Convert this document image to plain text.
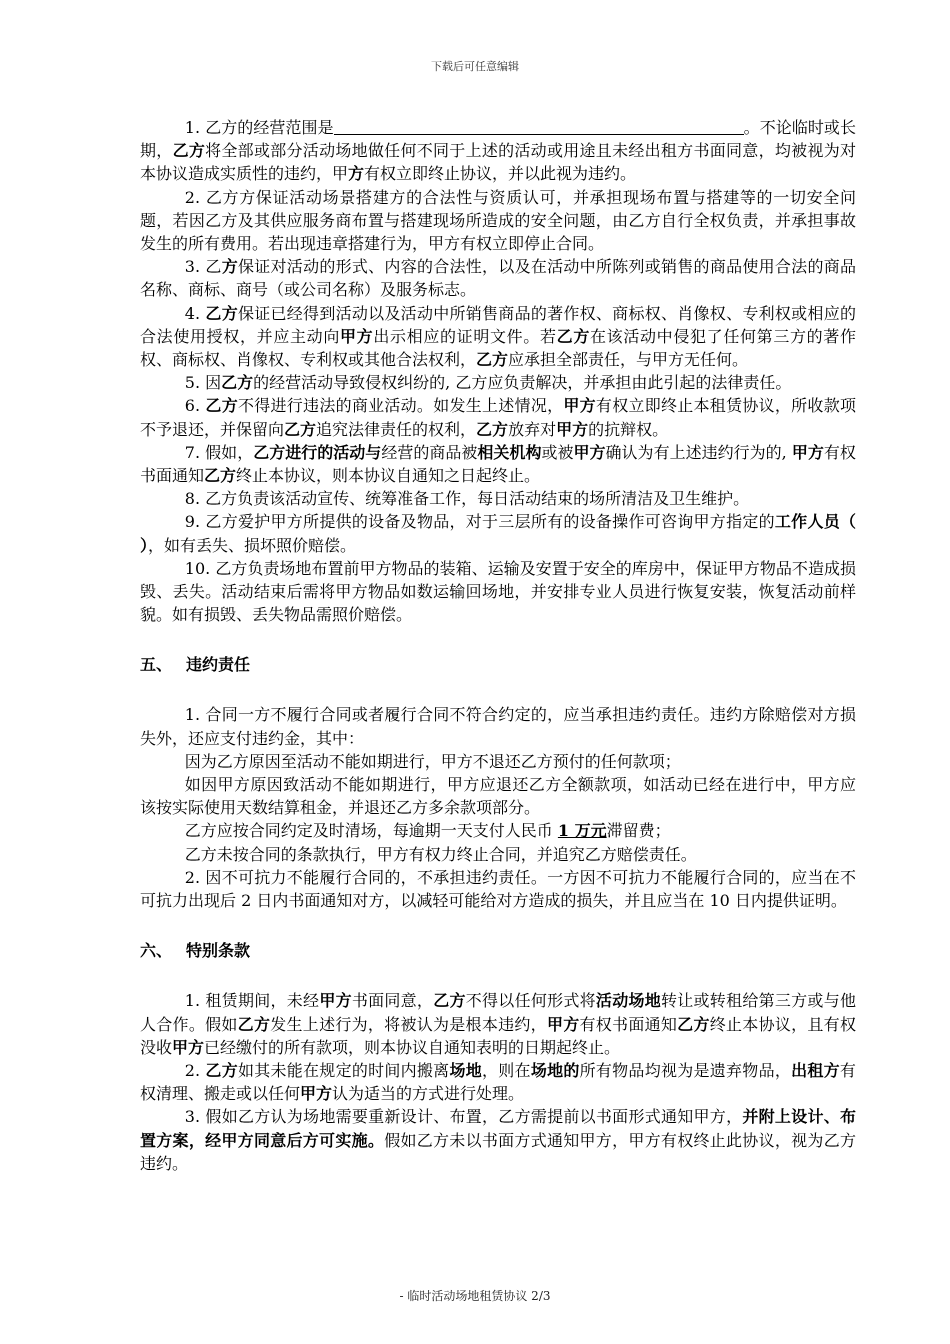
下载后可任意编辑

1. 乙方的经营范围是	。不论临时或长期，乙方将全部或部分活动场地做任何不同于上述的活动或用途且未经出租方书面同意，均被视为对本协议造成实质性的违约，甲方有权立即终止协议，并以此视为违约。

2. 乙方方保证活动场景搭建方的合法性与资质认可，并承担现场布置与搭建等的一切安全问题，若因乙方及其供应服务商布置与搭建现场所造成的安全问题，由乙方自行全权负责，并承担事故发生的所有费用。若出现违章搭建行为，甲方有权立即停止合同。

3. 乙方保证对活动的形式、内容的合法性，以及在活动中所陈列或销售的商品使用合法的商品名称、商标、商号（或公司名称）及服务标志。

4. 乙方保证已经得到活动以及活动中所销售商品的著作权、商标权、肖像权、专利权或相应的合法使用授权，并应主动向甲方出示相应的证明文件。若乙方在该活动中侵犯了任何第三方的著作权、商标权、肖像权、专利权或其他合法权利，乙方应承担全部责任，与甲方无任何。

5. 因乙方的经营活动导致侵权纠纷的, 乙方应负责解决，并承担由此引起的法律责任。

6. 乙方不得进行违法的商业活动。如发生上述情况，甲方有权立即终止本租赁协议，所收款项不予退还，并保留向乙方追究法律责任的权利，乙方放弃对甲方的抗辩权。

7. 假如，乙方进行的活动与经营的商品被相关机构或被甲方确认为有上述违约行为的, 甲方有权书面通知乙方终止本协议，则本协议自通知之日起终止。

8. 乙方负责该活动宣传、统筹准备工作，每日活动结束的场所清洁及卫生维护。

9. 乙方爱护甲方所提供的设备及物品，对于三层所有的设备操作可咨询甲方指定的工作人员（ ），如有丢失、损坏照价赔偿。

10. 乙方负责场地布置前甲方物品的装箱、运输及安置于安全的库房中，保证甲方物品不造成损毁、丢失。活动结束后需将甲方物品如数运输回场地，并安排专业人员进行恢复安装，恢复活动前样貌。如有损毁、丢失物品需照价赔偿。

五、 违约责任

1. 合同一方不履行合同或者履行合同不符合约定的，应当承担违约责任。违约方除赔偿对方损失外，还应支付违约金，其中：

因为乙方原因至活动不能如期进行，甲方不退还乙方预付的任何款项；

如因甲方原因致活动不能如期进行，甲方应退还乙方全额款项，如活动已经在进行中，甲方应该按实际使用天数结算租金，并退还乙方多余款项部分。

乙方应按合同约定及时清场，每逾期一天支付人民币 1 万元滞留费；

乙方未按合同的条款执行，甲方有权力终止合同，并追究乙方赔偿责任。

2. 因不可抗力不能履行合同的，不承担违约责任。一方因不可抗力不能履行合同的，应当在不可抗力出现后 2 日内书面通知对方，以减轻可能给对方造成的损失，并且应当在 10 日内提供证明。

六、 特别条款

1. 租赁期间，未经甲方书面同意，乙方不得以任何形式将活动场地转让或转租给第三方或与他人合作。假如乙方发生上述行为，将被认为是根本违约，甲方有权书面通知乙方终止本协议，且有权没收甲方已经缴付的所有款项，则本协议自通知表明的日期起终止。

2. 乙方如其未能在规定的时间内搬离场地，则在场地的所有物品均视为是遗弃物品，出租方有权清理、搬走或以任何甲方认为适当的方式进行处理。

3. 假如乙方认为场地需要重新设计、布置，乙方需提前以书面形式通知甲方，并附上设计、布置方案，经甲方同意后方可实施。假如乙方未以书面方式通知甲方，甲方有权终止此协议，视为乙方违约。

- 临时活动场地租赁协议 2/3
